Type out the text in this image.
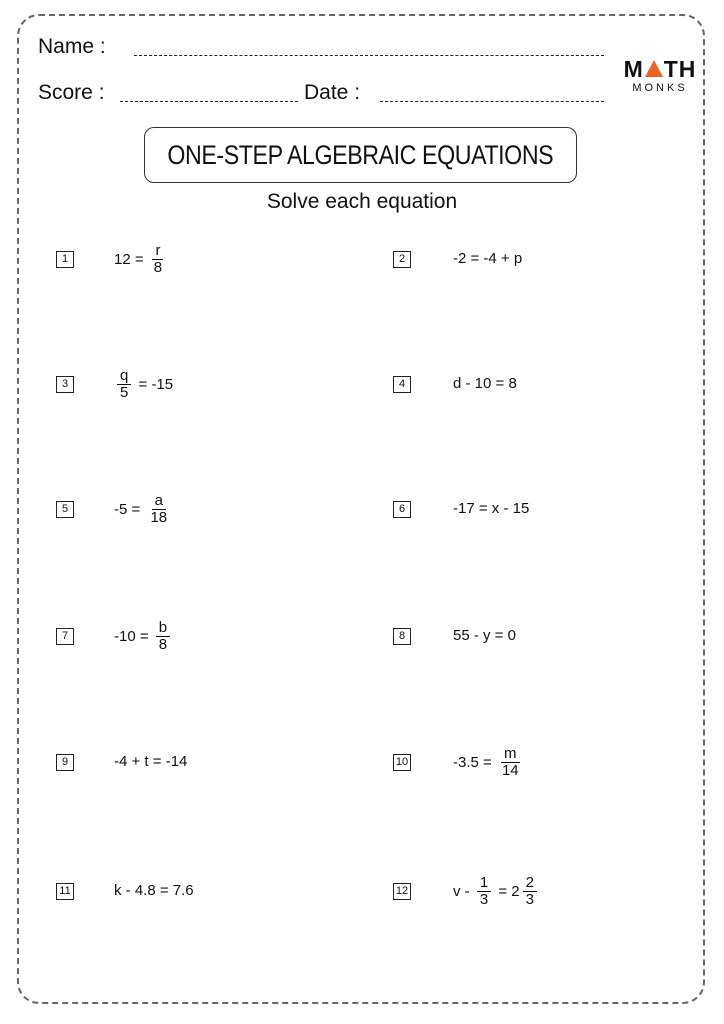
Name :
Score :	Date :
M TH
MONKS
ONE-STEP ALGEBRAIC EQUATIONS
Solve each equation
1	$12 = \frac{r}{8}$	2	-2 = -4 + p
3	$\frac{q}{5} = -15$	4	d - 10 = 8
5	$-5 = \frac{a}{18}$	6	-17 = x - 15
7	$-10 = \frac{b}{8}$	8	55 - y = 0
9	-4 + t = -14	10	$-3.5 = \frac{m}{14}$
11	k - 4.8 = 7.6	12	$v - \frac{1}{3} = 2 \frac{2}{3}$
